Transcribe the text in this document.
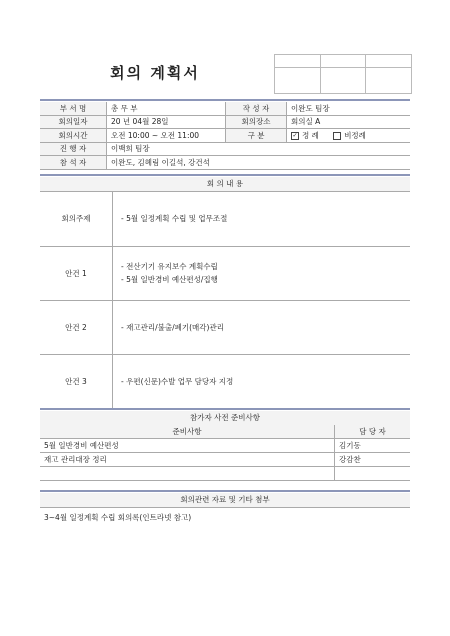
회의 계획서
부 서 명	총 무 부	작 성 자	이완도 팀장
회의일자	20 년 04월 28일	회의장소	회의실 A
회의시간	오전 10:00 ~ 오전 11:00	구 분	✓ 정 례 비정례
진 행 자	이백희 팀장		
참 석 자	이완도, 김혜림 이길석, 강건석		
회 의 내 용
회의주제	- 5월 일정계획 수립 및 업무조절

안건 1	- 전산기기 유지보수 계획수립
- 5월 일반경비 예산편성/집행

안건 2	- 재고관리/불출/폐기(매각)관리

안건 3	- 우편(신문)수발 업무 담당자 지정
참가자 사전 준비사항
준비사항	담 당 자
5월 일반경비 예산편성	김기동
재고 관리대장 정리	강감찬

회의관련 자료 및 기타 첨부
3~4월 일정계획 수립 회의록(인트라넷 참고)
